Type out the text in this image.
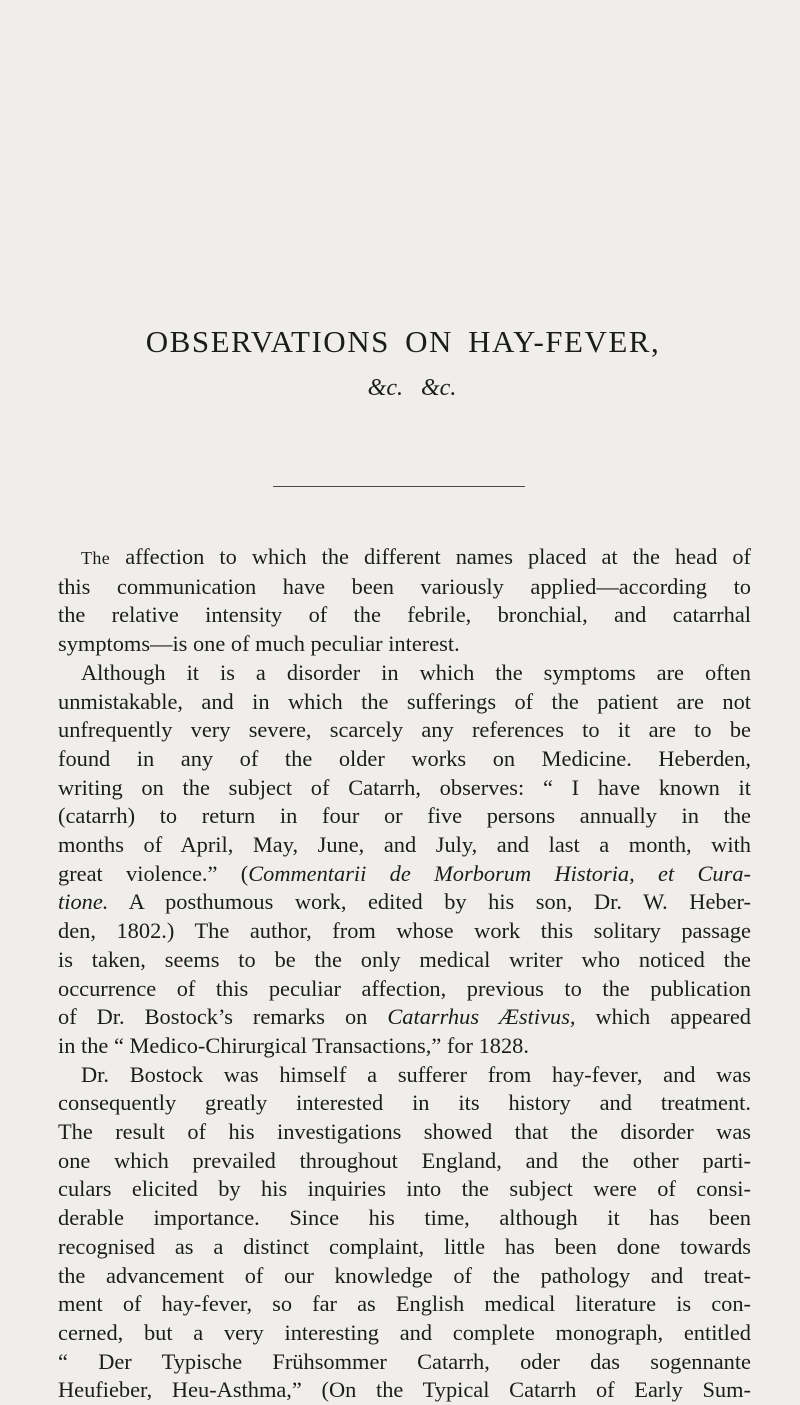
OBSERVATIONS ON HAY-FEVER,
&c. &c.
The affection to which the different names placed at the head of
this communication have been variously applied—according to
the relative intensity of the febrile, bronchial, and catarrhal
symptoms—is one of much peculiar interest.
Although it is a disorder in which the symptoms are often
unmistakable, and in which the sufferings of the patient are not
unfrequently very severe, scarcely any references to it are to be
found in any of the older works on Medicine. Heberden,
writing on the subject of Catarrh, observes: “ I have known it
(catarrh) to return in four or five persons annually in the
months of April, May, June, and July, and last a month, with
great violence.” (Commentarii de Morborum Historia, et Cura-
tione. A posthumous work, edited by his son, Dr. W. Heber-
den, 1802.) The author, from whose work this solitary passage
is taken, seems to be the only medical writer who noticed the
occurrence of this peculiar affection, previous to the publication
of Dr. Bostock’s remarks on Catarrhus Æstivus, which appeared
in the “ Medico-Chirurgical Transactions,” for 1828.
Dr. Bostock was himself a sufferer from hay-fever, and was
consequently greatly interested in its history and treatment.
The result of his investigations showed that the disorder was
one which prevailed throughout England, and the other parti-
culars elicited by his inquiries into the subject were of consi-
derable importance. Since his time, although it has been
recognised as a distinct complaint, little has been done towards
the advancement of our knowledge of the pathology and treat-
ment of hay-fever, so far as English medical literature is con-
cerned, but a very interesting and complete monograph, entitled
“ Der Typische Frühsommer Catarrh, oder das sogennante
Heufieber, Heu-Asthma,” (On the Typical Catarrh of Early Sum-
